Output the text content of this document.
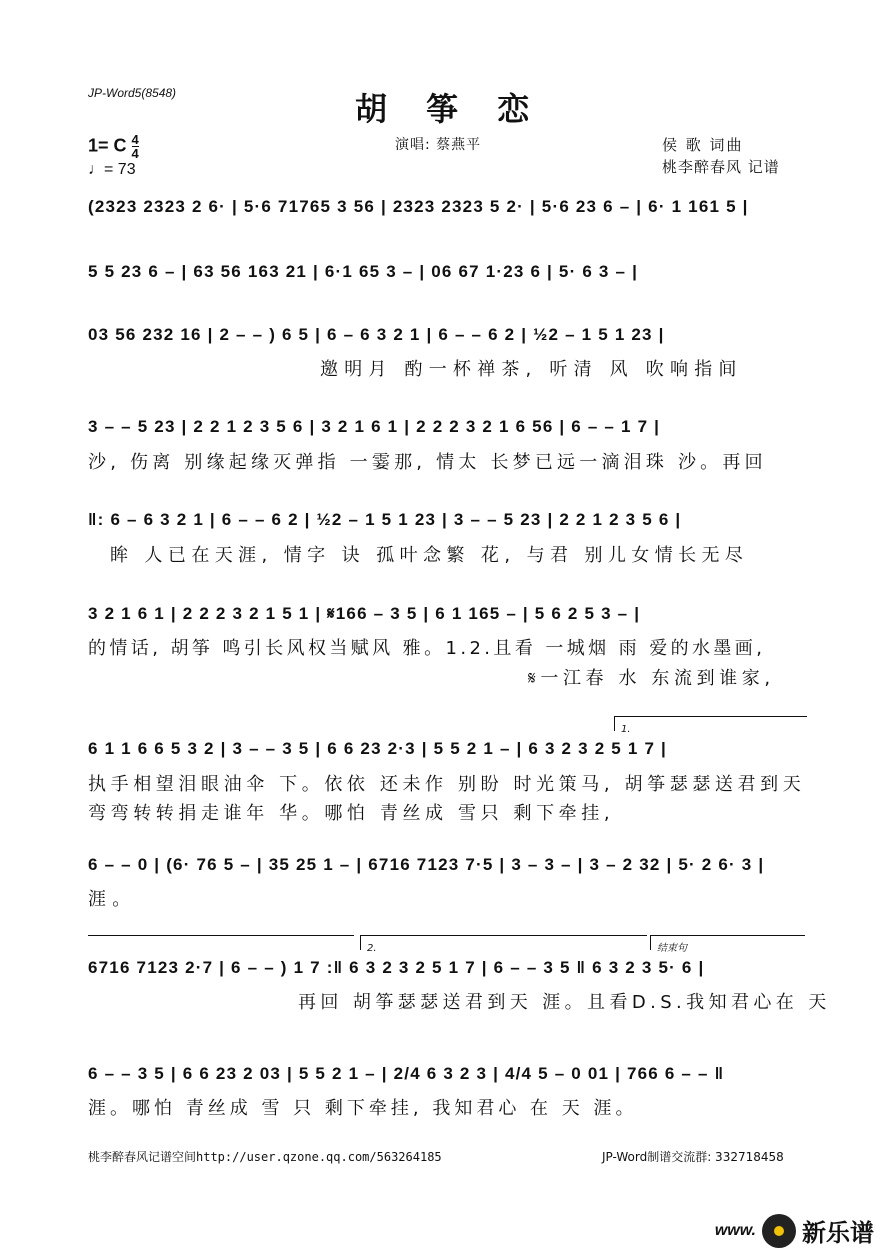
JP-Word5(8548)	胡 筝 恋
1= C $\frac{4}{4}$
♩= 73
演唱: 蔡燕平	侯 歌 词曲
桃李醉春风 记谱
(2323 2323 2 6· | 5·6 71765 3 56 | 2323 2323 5 2· | 5·6 23 6 – | 6· 1 161 5 |
5 5 23 6 – | 63 56 163 21 | 6·1 65 3 – | 06 67 1·23 6 | 5· 6 3 – |
03 56 232 16 | 2 – – ) 6 5 | 6 – 6 3 2 1 | 6 – – 6 2 | ½2 – 1 5 1 23 |
邀明月 酌一杯禅茶, 听清 风 吹响指间
3 – – 5 23 | 2 2 1 2 3 5 6 | 3 2 1 6 1 | 2 2 2 3 2 1 6 56 | 6 – – 1 7 |
沙, 伤离 别缘起缘灭弹指 一霎那, 情太 长梦已远一滴泪珠 沙。再回
‖: 6 – 6 3 2 1 | 6 – – 6 2 | ½2 – 1 5 1 23 | 3 – – 5 23 | 2 2 1 2 3 5 6 |
眸 人已在天涯, 情字 诀 孤叶念繁 花, 与君 别儿女情长无尽
3 2 1 6 1 | 2 2 2 3 2 1 5 1 | 𝄋166 – 3 5 | 6 1 165 – | 5 6 2 5 3 – |
的情话, 胡筝 鸣引长风权当赋风 雅。1.2.且看 一城烟 雨 爱的水墨画,
𝄋一江春 水 东流到谁家,
1.
6 1 1 6 6 5 3 2 | 3 – – 3 5 | 6 6 23 2·3 | 5 5 2 1 – | 6 3 2 3 2 5 1 7 |
执手相望泪眼油伞 下。依依 还未作 别盼 时光策马, 胡筝瑟瑟送君到天
弯弯转转捐走谁年 华。哪怕 青丝成 雪只 剩下牵挂,
6 – – 0 | (6· 76 5 – | 35 25 1 – | 6716 7123 7·5 | 3 – 3 – | 3 – 2 32 | 5· 2 6· 3 |
涯。
2.	结束句
6716 7123 2·7 | 6 – – ) 1 7 :‖ 6 3 2 3 2 5 1 7 | 6 – – 3 5 ‖ 6 3 2 3 5· 6 |
再回 胡筝瑟瑟送君到天 涯。且看D.S.我知君心在 天
6 – – 3 5 | 6 6 23 2 03 | 5 5 2 1 – | 2/4 6 3 2 3 | 4/4 5 – 0 01 | 766 6 – – ‖
涯。哪怕 青丝成 雪 只 剩下牵挂, 我知君心 在 天 涯。
桃李醉春风记谱空间http://user.qzone.qq.com/563264185	JP-Word制谱交流群: 332718458
www. 新乐谱
